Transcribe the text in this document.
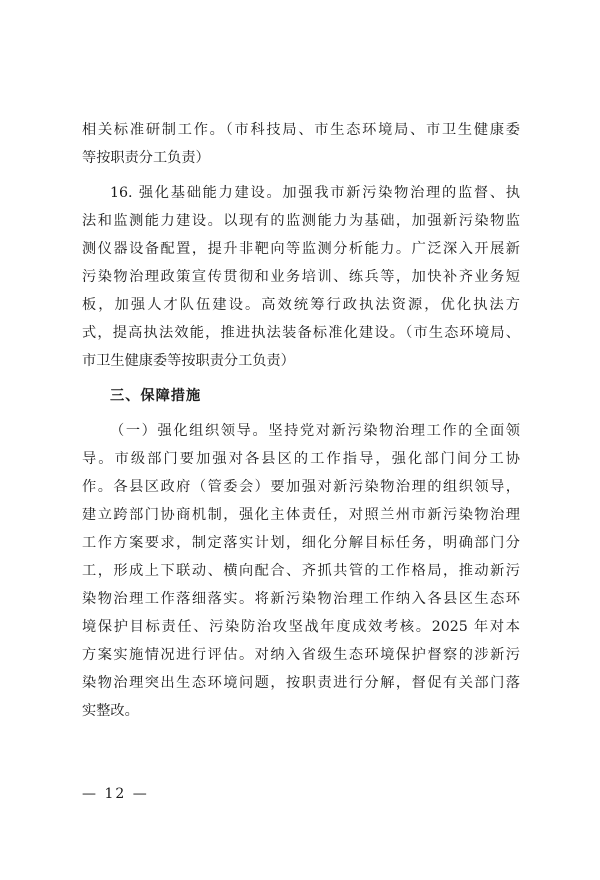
相关标准研制工作。（市科技局、市生态环境局、市卫生健康委
等按职责分工负责）
16. 强化基础能力建设。加强我市新污染物治理的监督、执
法和监测能力建设。以现有的监测能力为基础，加强新污染物监
测仪器设备配置，提升非靶向等监测分析能力。广泛深入开展新
污染物治理政策宣传贯彻和业务培训、练兵等，加快补齐业务短
板，加强人才队伍建设。高效统筹行政执法资源，优化执法方
式，提高执法效能，推进执法装备标准化建设。（市生态环境局、
市卫生健康委等按职责分工负责）
三、保障措施
（一）强化组织领导。坚持党对新污染物治理工作的全面领
导。市级部门要加强对各县区的工作指导，强化部门间分工协
作。各县区政府（管委会）要加强对新污染物治理的组织领导，
建立跨部门协商机制，强化主体责任，对照兰州市新污染物治理
工作方案要求，制定落实计划，细化分解目标任务，明确部门分
工，形成上下联动、横向配合、齐抓共管的工作格局，推动新污
染物治理工作落细落实。将新污染物治理工作纳入各县区生态环
境保护目标责任、污染防治攻坚战年度成效考核。2025 年对本
方案实施情况进行评估。对纳入省级生态环境保护督察的涉新污
染物治理突出生态环境问题，按职责进行分解，督促有关部门落
实整改。
— 12 —
